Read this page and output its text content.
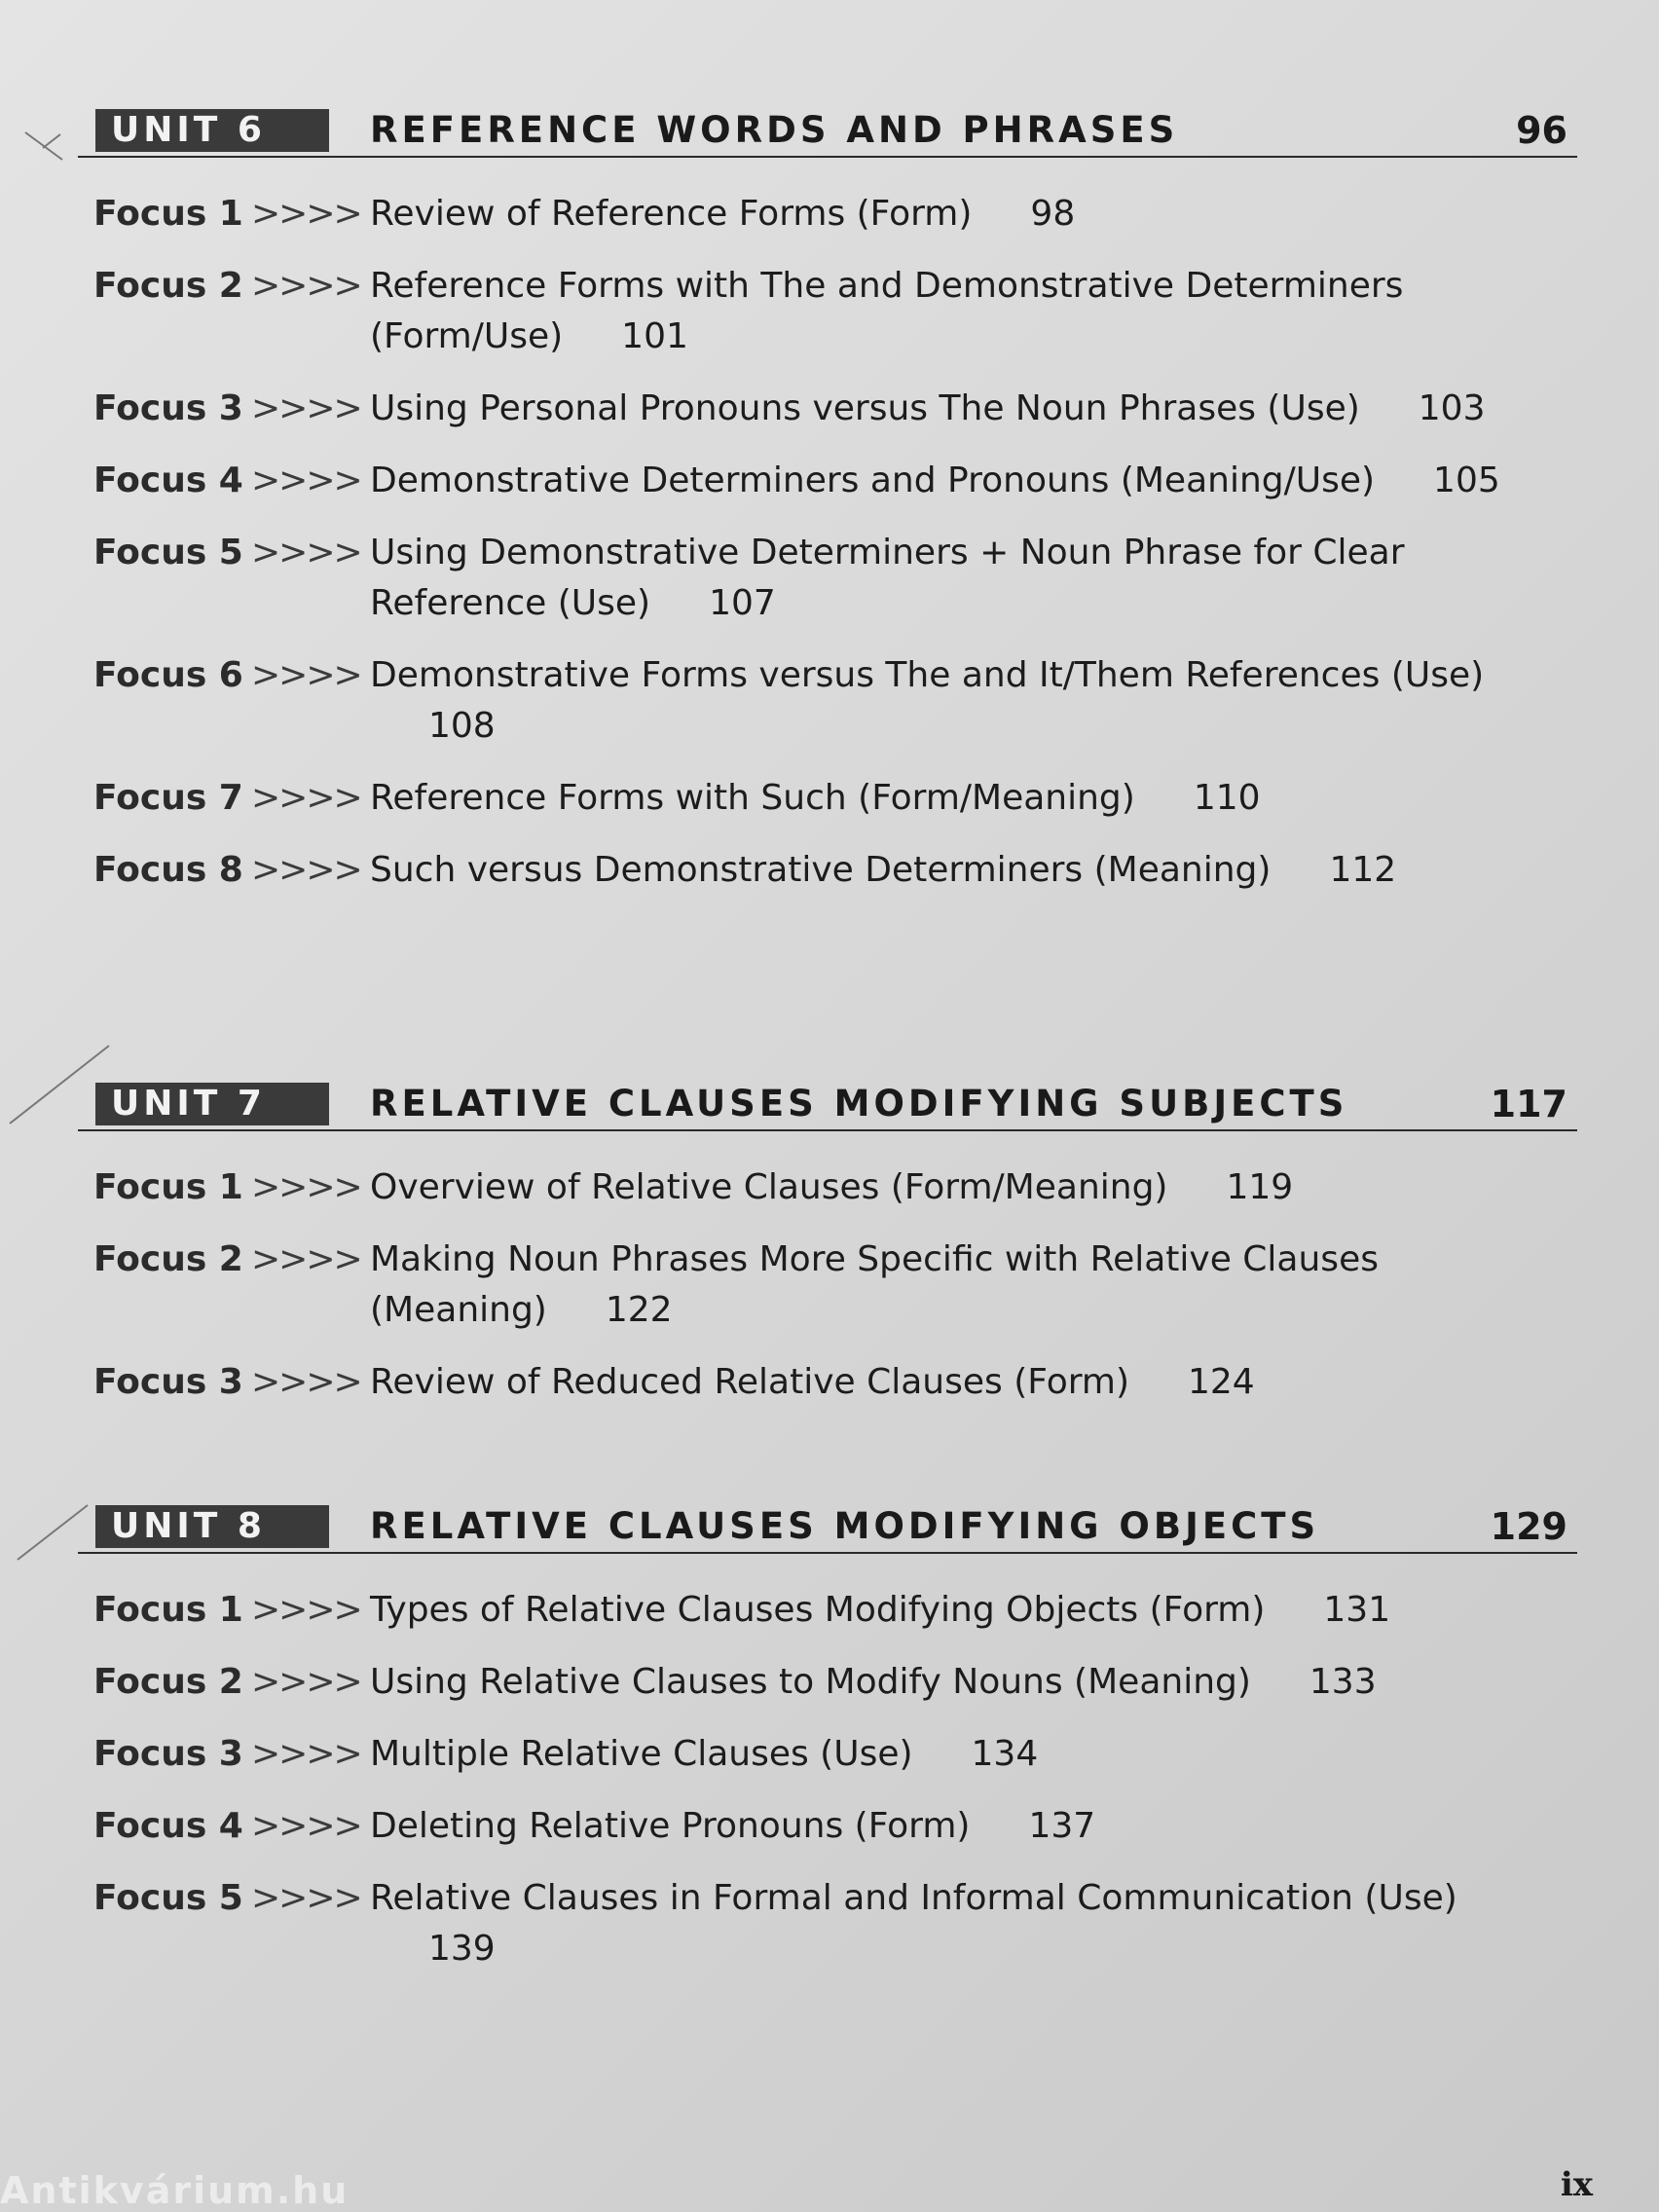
UNIT 6	REFERENCE WORDS AND PHRASES	96
Focus 1 >>>> Review of Reference Forms (Form) 98
Focus 2 >>>> Reference Forms with The and Demonstrative Determiners (Form/Use) 101
Focus 3 >>>> Using Personal Pronouns versus The Noun Phrases (Use) 103
Focus 4 >>>> Demonstrative Determiners and Pronouns (Meaning/Use) 105
Focus 5 >>>> Using Demonstrative Determiners + Noun Phrase for Clear Reference (Use) 107
Focus 6 >>>> Demonstrative Forms versus The and It/Them References (Use)108
Focus 7 >>>> Reference Forms with Such (Form/Meaning) 110
Focus 8 >>>> Such versus Demonstrative Determiners (Meaning) 112
UNIT 7	RELATIVE CLAUSES MODIFYING SUBJECTS	117
Focus 1 >>>> Overview of Relative Clauses (Form/Meaning) 119
Focus 2 >>>> Making Noun Phrases More Specific with Relative Clauses (Meaning) 122
Focus 3 >>>> Review of Reduced Relative Clauses (Form) 124
UNIT 8	RELATIVE CLAUSES MODIFYING OBJECTS	129
Focus 1 >>>> Types of Relative Clauses Modifying Objects (Form) 131
Focus 2 >>>> Using Relative Clauses to Modify Nouns (Meaning) 133
Focus 3 >>>> Multiple Relative Clauses (Use) 134
Focus 4 >>>> Deleting Relative Pronouns (Form) 137
Focus 5 >>>> Relative Clauses in Formal and Informal Communication (Use)139
Antikvárium.hu	ix
